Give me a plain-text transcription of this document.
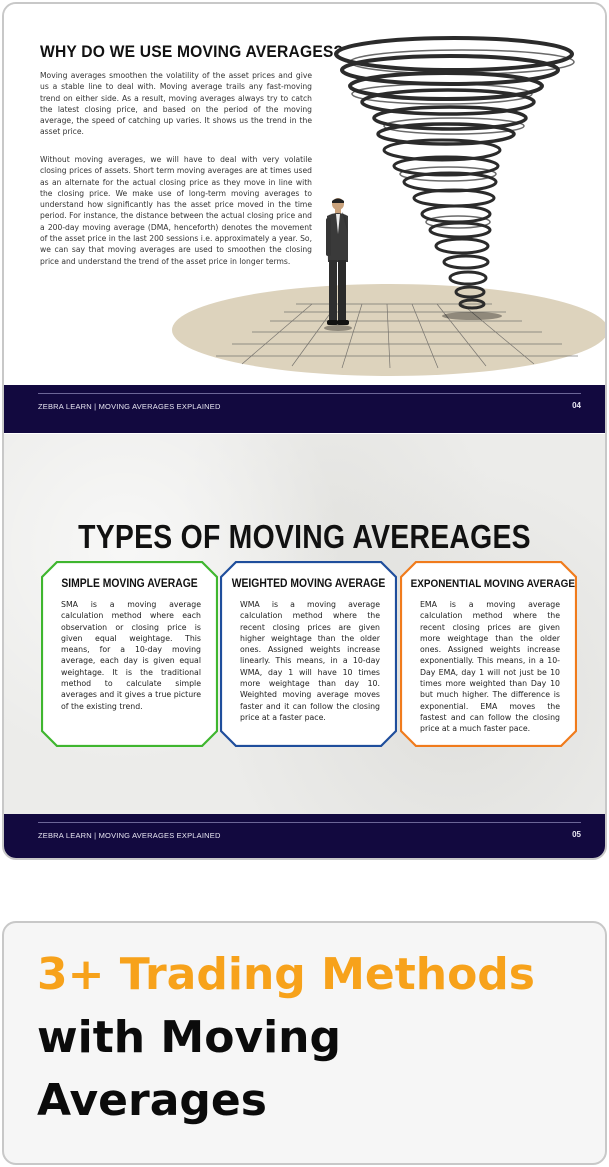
WHY DO WE USE MOVING AVERAGES?

Moving averages smoothen the volatility of the asset prices and give us a stable line to deal with. Moving average trails any fast-moving trend on either side. As a result, moving averages always try to catch the latest closing price, and based on the period of the moving average, the speed of catching up varies. It shows us the trend in the asset price.

Without moving averages, we will have to deal with very volatile closing prices of assets. Short term moving averages are at times used as an alternate for the actual closing price as they move in line with the closing price. We make use of long-term moving averages to understand how significantly has the asset price moved in the time period. For instance, the distance between the actual closing price and a 200-day moving average (DMA, henceforth) denotes the movement of the asset price in the last 200 sessions i.e. approximately a year. So, we can say that moving averages are used to smoothen the closing price and understand the trend of the asset price in longer terms.

ZEBRA LEARN | MOVING AVERAGES EXPLAINED	04
TYPES OF MOVING AVEREAGES
SIMPLE MOVING AVERAGE
SMA is a moving average calculation method where each observation or closing price is given equal weightage. This means, for a 10-day moving average, each day is given equal weightage. It is the traditional method to calculate simple averages and it gives a true picture of the existing trend.
WEIGHTED MOVING AVERAGE
WMA is a moving average calculation method where the recent closing prices are given higher weightage than the older ones. Assigned weights increase linearly. This means, in a 10-day WMA, day 1 will have 10 times more weightage than day 10. Weighted moving average moves faster and it can follow the closing price at a faster pace.
EXPONENTIAL MOVING AVERAGE
EMA is a moving average calculation method where the recent closing prices are given more weightage than the older ones. Assigned weights increase exponentially. This means, in a 10-Day EMA, day 1 will not just be 10 times more weighted than Day 10 but much higher. The difference is exponential. EMA moves the fastest and can follow the closing price at a much faster pace.
ZEBRA LEARN | MOVING AVERAGES EXPLAINED	05
3+ Trading Methods
with Moving
Averages
